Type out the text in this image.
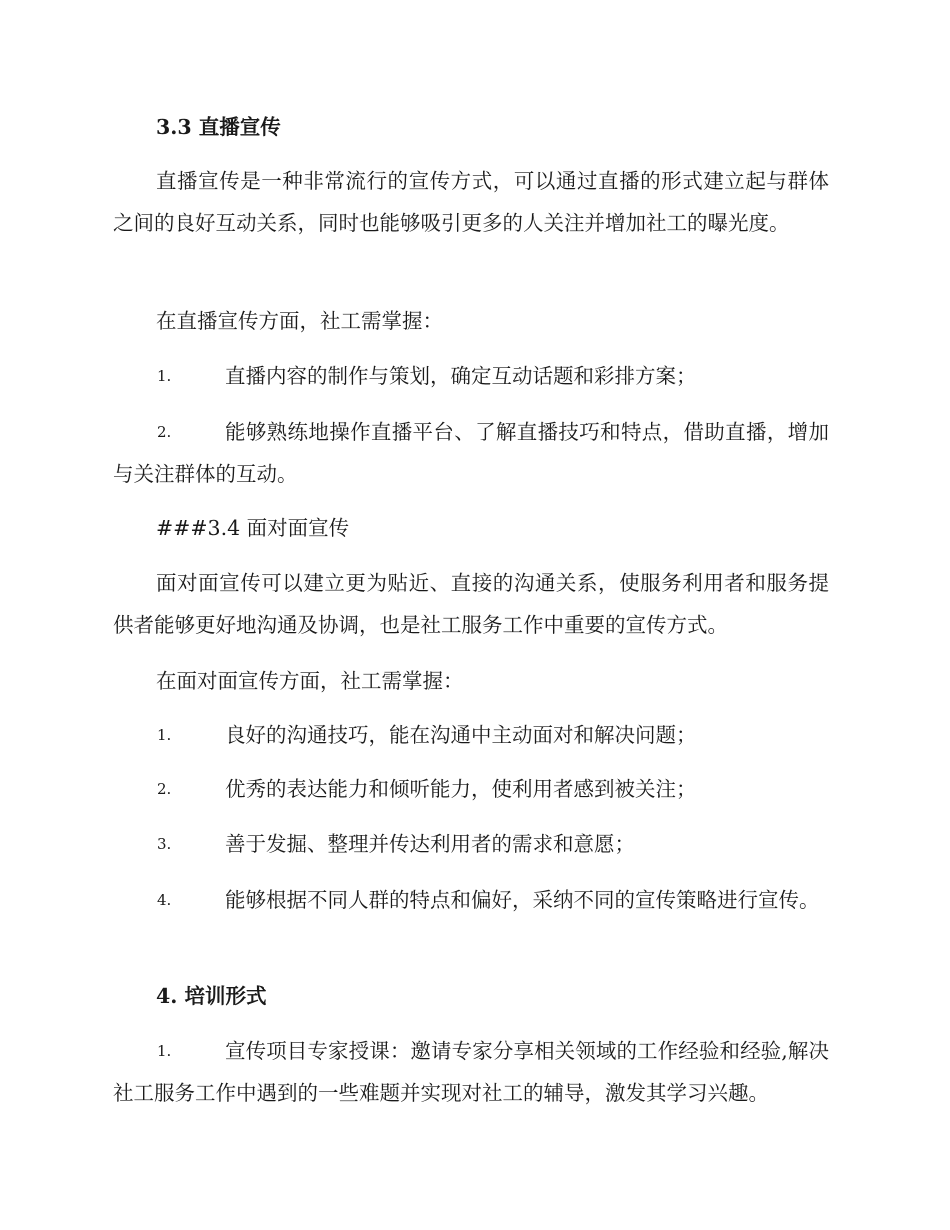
3.3 直播宣传

直播宣传是一种非常流行的宣传方式，可以通过直播的形式建立起与群体之间的良好互动关系，同时也能够吸引更多的人关注并增加社工的曝光度。

在直播宣传方面，社工需掌握：

1.	直播内容的制作与策划，确定互动话题和彩排方案；
2.	能够熟练地操作直播平台、了解直播技巧和特点，借助直播，增加与关注群体的互动。

###3.4 面对面宣传

面对面宣传可以建立更为贴近、直接的沟通关系，使服务利用者和服务提供者能够更好地沟通及协调，也是社工服务工作中重要的宣传方式。

在面对面宣传方面，社工需掌握：

1.	良好的沟通技巧，能在沟通中主动面对和解决问题；
2.	优秀的表达能力和倾听能力，使利用者感到被关注；
3.	善于发掘、整理并传达利用者的需求和意愿；
4.	能够根据不同人群的特点和偏好，采纳不同的宣传策略进行宣传。

4. 培训形式

1.	宣传项目专家授课：邀请专家分享相关领域的工作经验和经验,解决社工服务工作中遇到的一些难题并实现对社工的辅导，激发其学习兴趣。
